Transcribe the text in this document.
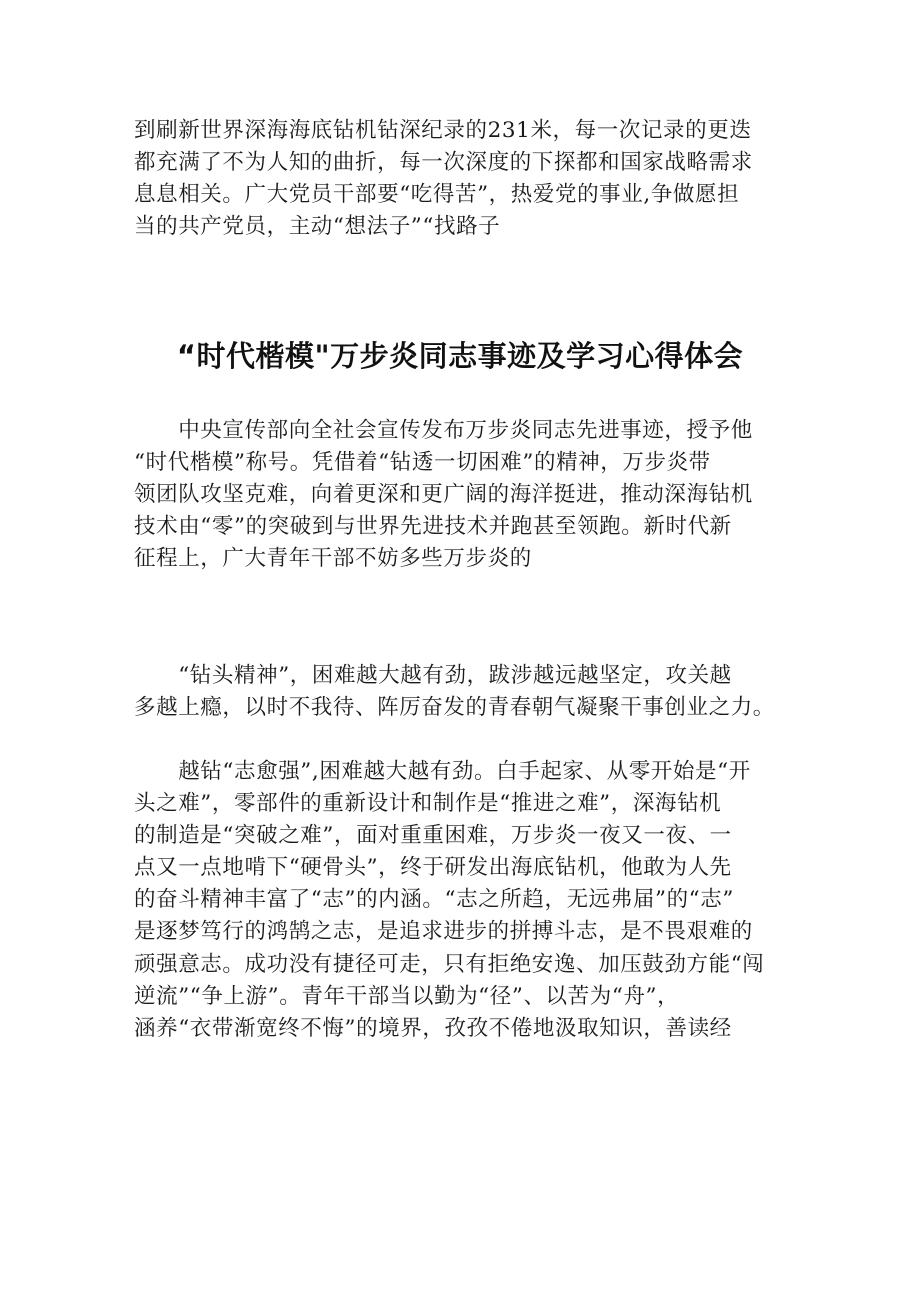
到刷新世界深海海底钻机钻深纪录的231米，每一次记录的更迭
都充满了不为人知的曲折，每一次深度的下探都和国家战略需求
息息相关。广大党员干部要“吃得苦”，热爱党的事业,争做愿担
当的共产党员，主动“想法子”“找路子
“时代楷模"万步炎同志事迹及学习心得体会
　　中央宣传部向全社会宣传发布万步炎同志先进事迹，授予他
“时代楷模”称号。凭借着“钻透一切困难”的精神，万步炎带
领团队攻坚克难，向着更深和更广阔的海洋挺进，推动深海钻机
技术由“零”的突破到与世界先进技术并跑甚至领跑。新时代新
征程上，广大青年干部不妨多些万步炎的
　　“钻头精神”，困难越大越有劲，跋涉越远越坚定，攻关越
多越上瘾，以时不我待、阵厉奋发的青春朝气凝聚干事创业之力。
　　越钻“志愈强”,困难越大越有劲。白手起家、从零开始是“开
头之难”，零部件的重新设计和制作是“推进之难”，深海钻机
的制造是“突破之难”，面对重重困难，万步炎一夜又一夜、一
点又一点地啃下“硬骨头”，终于研发出海底钻机，他敢为人先
的奋斗精神丰富了“志”的内涵。“志之所趋，无远弗届”的“志”
是逐梦笃行的鸿鹄之志，是追求进步的拼搏斗志，是不畏艰难的
顽强意志。成功没有捷径可走，只有拒绝安逸、加压鼓劲方能“闯
逆流”“争上游”。青年干部当以勤为“径”、以苦为“舟”，
涵养“衣带渐宽终不悔”的境界，孜孜不倦地汲取知识，善读经
